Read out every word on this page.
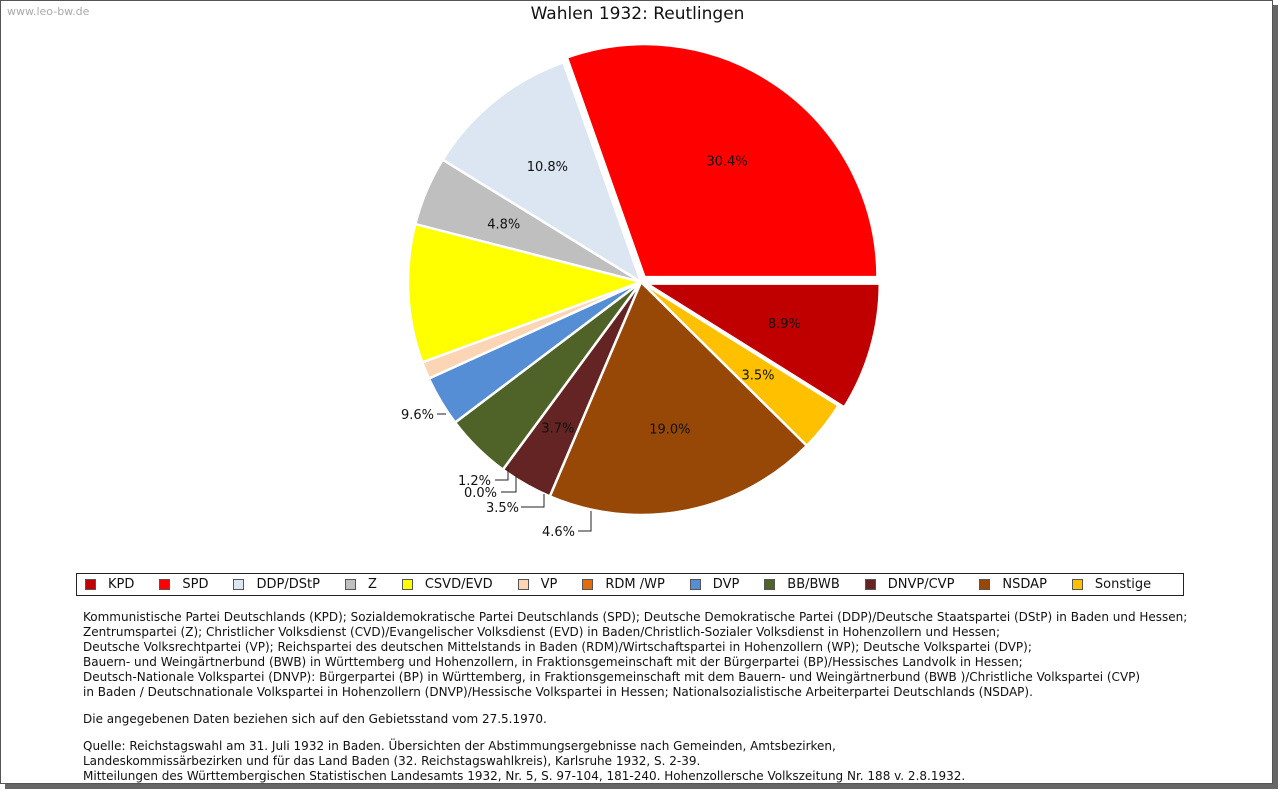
www.leo-bw.de	Wahlen 1932: Reutlingen
8.9%
3.5%
19.0%
3.7%
4.6%
3.5%
0.0%
1.2%
9.6%
4.8%
10.8%	30.4%
KPD	SPD	DDP/DStP	Z	CSVD/EVD	VP	RDM /WP	DVP	BB/BWB	DNVP/CVP	NSDAP	Sonstige

Kommunistische Partei Deutschlands (KPD); Sozialdemokratische Partei Deutschlands (SPD); Deutsche Demokratische Partei (DDP)/Deutsche Staatspartei (DStP) in Baden und Hessen;

Zentrumspartei (Z); Christlicher Volksdienst (CVD)/Evangelischer Volksdienst (EVD) in Baden/Christlich-Sozialer Volksdienst in Hohenzollern und Hessen;

Deutsche Volksrechtpartei (VP); Reichspartei des deutschen Mittelstands in Baden (RDM)/Wirtschaftspartei in Hohenzollern (WP); Deutsche Volkspartei (DVP);

Bauern- und Weingärtnerbund (BWB) in Württemberg und Hohenzollern, in Fraktionsgemeinschaft mit der Bürgerpartei (BP)/Hessisches Landvolk in Hessen;

Deutsch-Nationale Volkspartei (DNVP): Bürgerpartei (BP) in Württemberg, in Fraktionsgemeinschaft mit dem Bauern- und Weingärtnerbund (BWB )/Christliche Volkspartei (CVP)

in Baden / Deutschnationale Volkspartei in Hohenzollern (DNVP)/Hessische Volkspartei in Hessen; Nationalsozialistische Arbeiterpartei Deutschlands (NSDAP).

Die angegebenen Daten beziehen sich auf den Gebietsstand vom 27.5.1970.

Quelle: Reichstagswahl am 31. Juli 1932 in Baden. Übersichten der Abstimmungsergebnisse nach Gemeinden, Amtsbezirken,

Landeskommissärbezirken und für das Land Baden (32. Reichstagswahlkreis), Karlsruhe 1932, S. 2-39.

Mitteilungen des Württembergischen Statistischen Landesamts 1932, Nr. 5, S. 97-104, 181-240. Hohenzollersche Volkszeitung Nr. 188 v. 2.8.1932.
